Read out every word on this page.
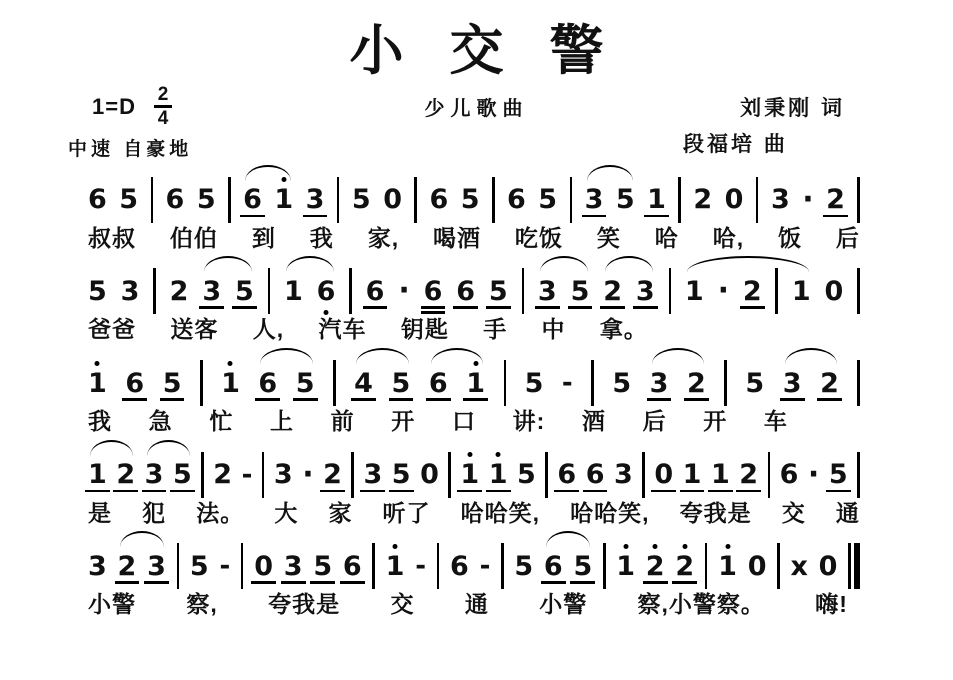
小交警
$1=D \frac{2}{4}$	少儿歌曲	刘秉刚 词
中速 自豪地	段福培 曲
6 5 6 5 6 1 3 5 0 6 5 6 5 3 5 1 2 0 3 · 2
叔叔 伯伯 到 我 家, 喝酒 吃饭 笑 哈 哈, 饭 后
5 3 2 3 5 1 6 6 · 6 6 5 3 5 2 3 1 · 2 1 0
爸爸 送客 人, 汽车 钥匙 手 中 拿。
1 6 5 1 6 5 4 5 6 1 5 - 5 3 2 5 3 2
我 急 忙 上 前 开 口 讲: 酒 后 开 车
1 2 3 5 2 - 3 · 2 3 5 0 1 1 5 6 6 3 0 1 1 2 6 · 5
是 犯 法。 大 家 听了 哈哈笑, 哈哈笑, 夸我是 交 通
3 2 3 5 - 0 3 5 6 1 - 6 - 5 6 5 1 2 2 1 0 x 0
小警 察, 夸我是 交 通 小警 察,小警察。 嗨!
